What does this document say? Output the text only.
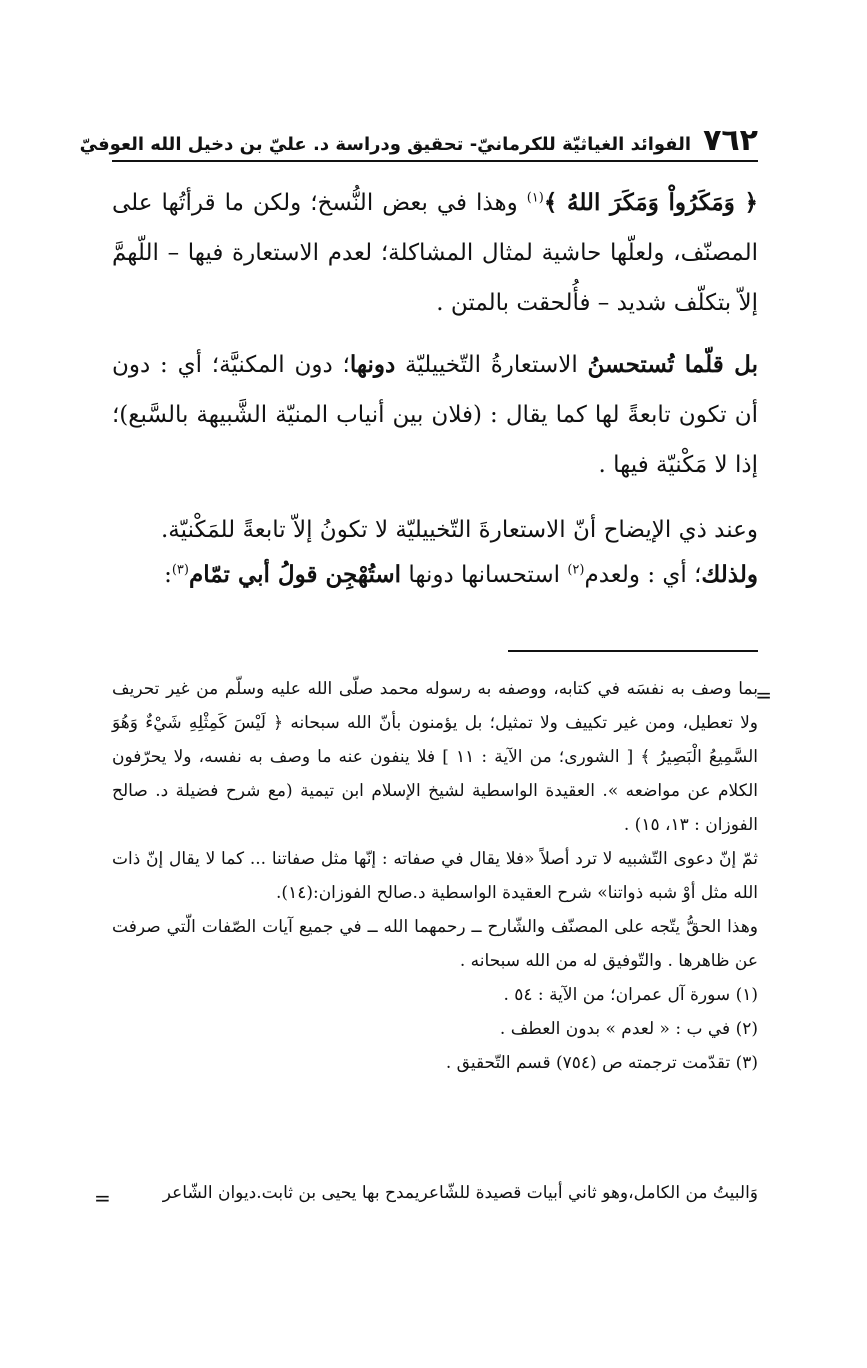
٧٦٢
الفوائد الغياثيّة للكرمانيّ- تحقيق ودراسة د. عليّ بن دخيل الله العوفيّ

﴿ وَمَكَرُواْ وَمَكَرَ اللهُ ﴾$^{(١)}$ وهذا في بعض النُّسخ؛ ولكن ما قرأتُها على المصنّف، ولعلّها حاشية لمثال المشاكلة؛ لعدم الاستعارة فيها – اللّهمَّ إلاّ بتكلّف شديد – فأُلحقت بالمتن .

بل قلّما تُستحسنُ الاستعارةُ التّخييليّة دونها؛ دون المكنيَّة؛ أي : دون أن تكون تابعةً لها كما يقال : (فلان بين أنياب المنيّة الشَّبيهة بالسَّبع)؛ إذا لا مَكْنيّة فيها .

وعند ذي الإيضاح أنّ الاستعارةَ التّخييليّة لا تكونُ إلاّ تابعةً للمَكْنيّة.

ولذلك؛ أي : ولعدم$^{(٢)}$ استحسانها دونها استُهْجِن قولُ أبي تمّام$^{(٣)}$:

=

بما وصف به نفسَه في كتابه، ووصفه به رسوله محمد صلّى الله عليه وسلّم من غير تحريف ولا تعطيل، ومن غير تكييف ولا تمثيل؛ بل يؤمنون بأنّ الله سبحانه ﴿ لَيْسَ كَمِثْلِهِ شَيْءٌ وَهُوَ السَّمِيعُ الْبَصِيرُ ﴾ [ الشورى؛ من الآية : ١١ ] فلا ينفون عنه ما وصف به نفسه، ولا يحرّفون الكلام عن مواضعه ». العقيدة الواسطية لشيخ الإسلام ابن تيمية (مع شرح فضيلة د. صالح الفوزان : ١٣، ١٥) .

ثمّ إنّ دعوى التّشبيه لا ترد أصلاً «فلا يقال في صفاته : إنّها مثل صفاتنا ... كما لا يقال إنّ ذات الله مثل أوْ شبه ذواتنا» شرح العقيدة الواسطية د.صالح الفوزان:(١٤).

وهذا الحقُّ يتّجه على المصنّف والشّارح ــ رحمهما الله ــ في جميع آيات الصّفات الّتي صرفت عن ظاهرها . والتّوفيق له من الله سبحانه .

(١) سورة آل عمران؛ من الآية : ٥٤ .

(٢) في ب : « لعدم » بدون العطف .

(٣) تقدّمت ترجمته ص (٧٥٤) قسم التّحقيق .

وَالبيتُ من الكامل،وهو ثاني أبيات قصيدة للشّاعريمدح بها يحيى بن ثابت.ديوان الشّاعر
=
